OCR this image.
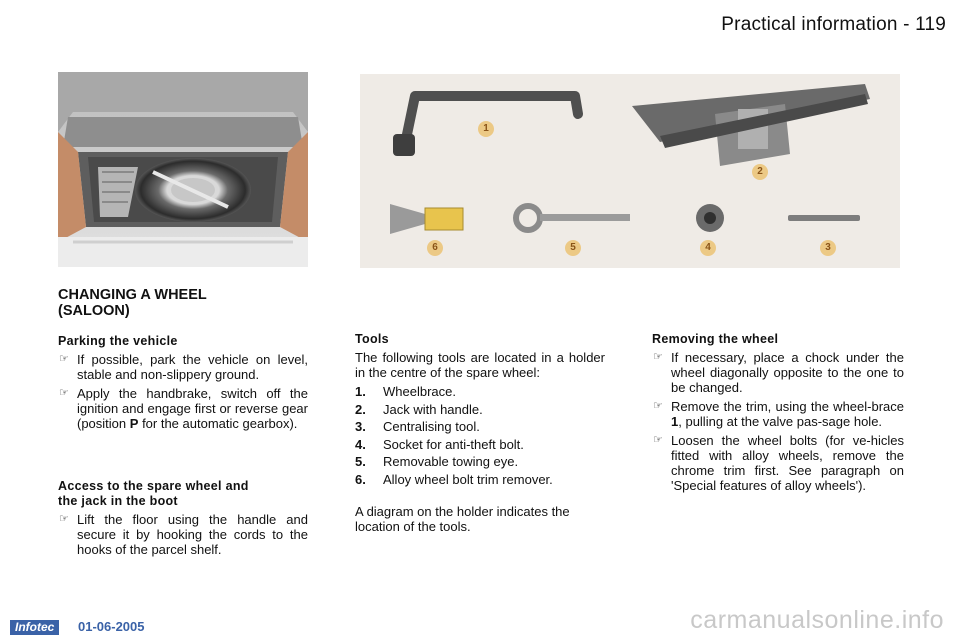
Practical information - 119
1
2
3
4
5
6
CHANGING A WHEEL
(SALOON)
Parking the vehicle
☞ If possible, park the vehicle on level, stable and non-slippery ground.
☞ Apply the handbrake, switch off the ignition and engage first or reverse gear (position P for the automatic gearbox).
Access to the spare wheel and
the jack in the boot
☞ Lift the floor using the handle and secure it by hooking the cords to the hooks of the parcel shelf.
Tools
The following tools are located in a holder in the centre of the spare wheel:
1.	Wheelbrace.
2.	Jack with handle.
3.	Centralising tool.
4.	Socket for anti-theft bolt.
5.	Removable towing eye.
6.	Alloy wheel bolt trim remover.
A diagram on the holder indicates the location of the tools.
Removing the wheel
☞ If necessary, place a chock under the wheel diagonally opposite to the one to be changed.
☞ Remove the trim, using the wheel-brace 1, pulling at the valve pas-sage hole.
☞ Loosen the wheel bolts (for ve-hicles fitted with alloy wheels, remove the chrome trim first. See paragraph on 'Special features of alloy wheels').
Infotec	01-06-2005	carmanualsonline.info
